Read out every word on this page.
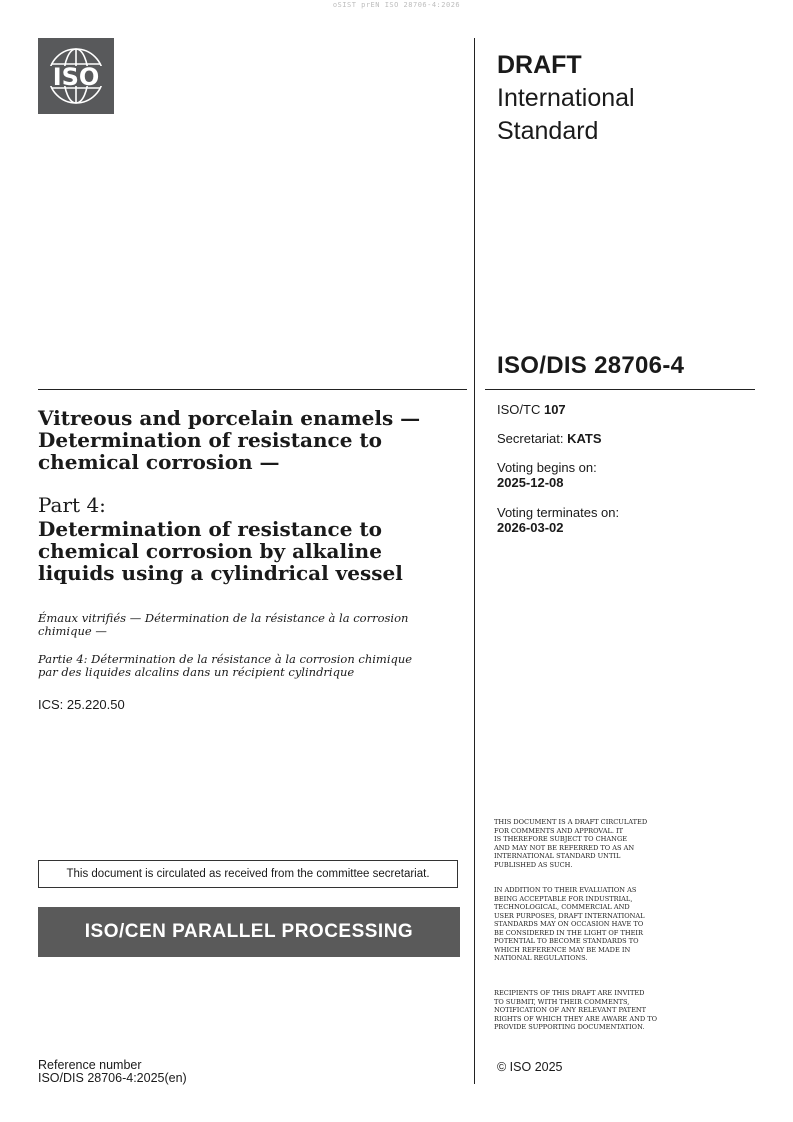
oSIST prEN ISO 28706-4:2026
ISO	DRAFT
International
Standard
ISO/DIS 28706-4
ISO/TC 107
Secretariat: KATS
Voting begins on:
2025-12-08
Voting terminates on:
2026-03-02
Vitreous and porcelain enamels —
Determination of resistance to
chemical corrosion —
Part 4:
Determination of resistance to
chemical corrosion by alkaline
liquids using a cylindrical vessel
Émaux vitrifiés — Détermination de la résistance à la corrosion
chimique —
Partie 4: Détermination de la résistance à la corrosion chimique
par des liquides alcalins dans un récipient cylindrique
ICS: 25.220.50
This document is circulated as received from the committee secretariat.
ISO/CEN PARALLEL PROCESSING
Reference number
ISO/DIS 28706-4:2025(en)
THIS DOCUMENT IS A DRAFT CIRCULATED
FOR COMMENTS AND APPROVAL. IT
IS THEREFORE SUBJECT TO CHANGE
AND MAY NOT BE REFERRED TO AS AN
INTERNATIONAL STANDARD UNTIL
PUBLISHED AS SUCH.
IN ADDITION TO THEIR EVALUATION AS
BEING ACCEPTABLE FOR INDUSTRIAL,
TECHNOLOGICAL, COMMERCIAL AND
USER PURPOSES, DRAFT INTERNATIONAL
STANDARDS MAY ON OCCASION HAVE TO
BE CONSIDERED IN THE LIGHT OF THEIR
POTENTIAL TO BECOME STANDARDS TO
WHICH REFERENCE MAY BE MADE IN
NATIONAL REGULATIONS.
RECIPIENTS OF THIS DRAFT ARE INVITED
TO SUBMIT, WITH THEIR COMMENTS,
NOTIFICATION OF ANY RELEVANT PATENT
RIGHTS OF WHICH THEY ARE AWARE AND TO
PROVIDE SUPPORTING DOCUMENTATION.
© ISO 2025
